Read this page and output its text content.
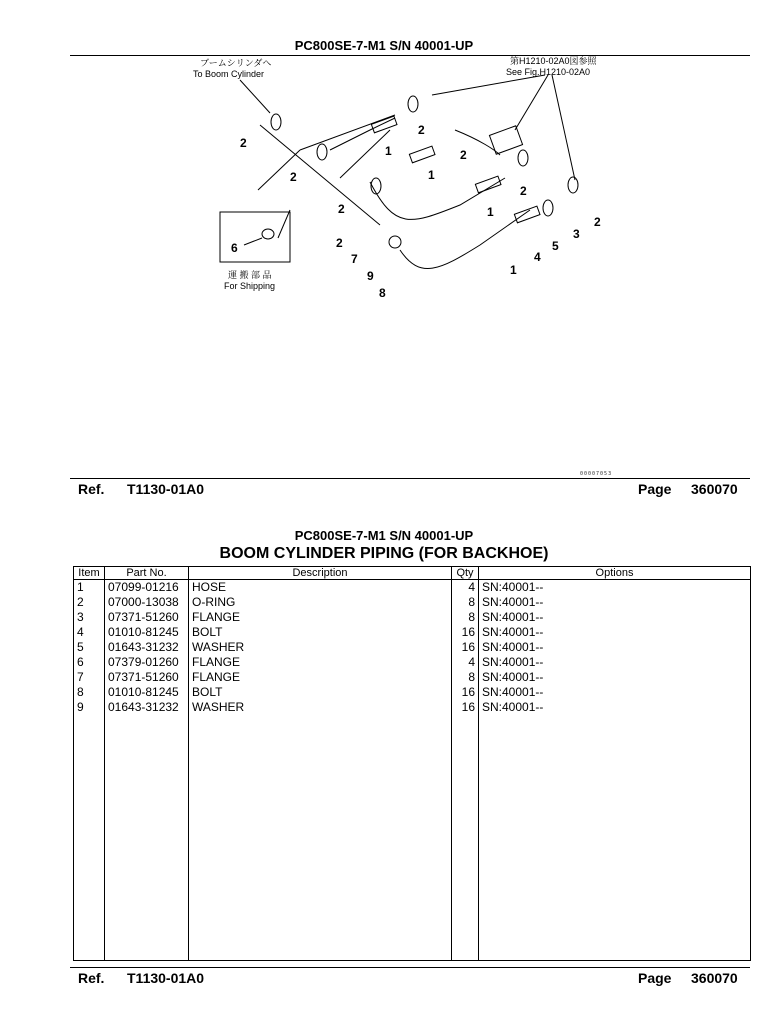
PC800SE-7-M1 S/N 40001-UP
ブームシリンダへ
To Boom Cylinder
第H1210-02A0図参照
See Fig.H1210-02A0
運 搬 部 品
For Shipping
2
2
2
2
1
1
1
1
2
2
2
2
3
5
4
6
7
9
8
00007053
Ref. T1130-01A0	Page 360070
PC800SE-7-M1 S/N 40001-UP
BOOM CYLINDER PIPING (FOR BACKHOE)
Item	Part No.	Description	Qty	Options
1	07099-01216	HOSE	4	SN:40001--
2	07000-13038	O-RING	8	SN:40001--
3	07371-51260	FLANGE	8	SN:40001--
4	01010-81245	BOLT	16	SN:40001--
5	01643-31232	WASHER	16	SN:40001--
6	07379-01260	FLANGE	4	SN:40001--
7	07371-51260	FLANGE	8	SN:40001--
8	01010-81245	BOLT	16	SN:40001--
9	01643-31232	WASHER	16	SN:40001--

Ref. T1130-01A0	Page 360070
